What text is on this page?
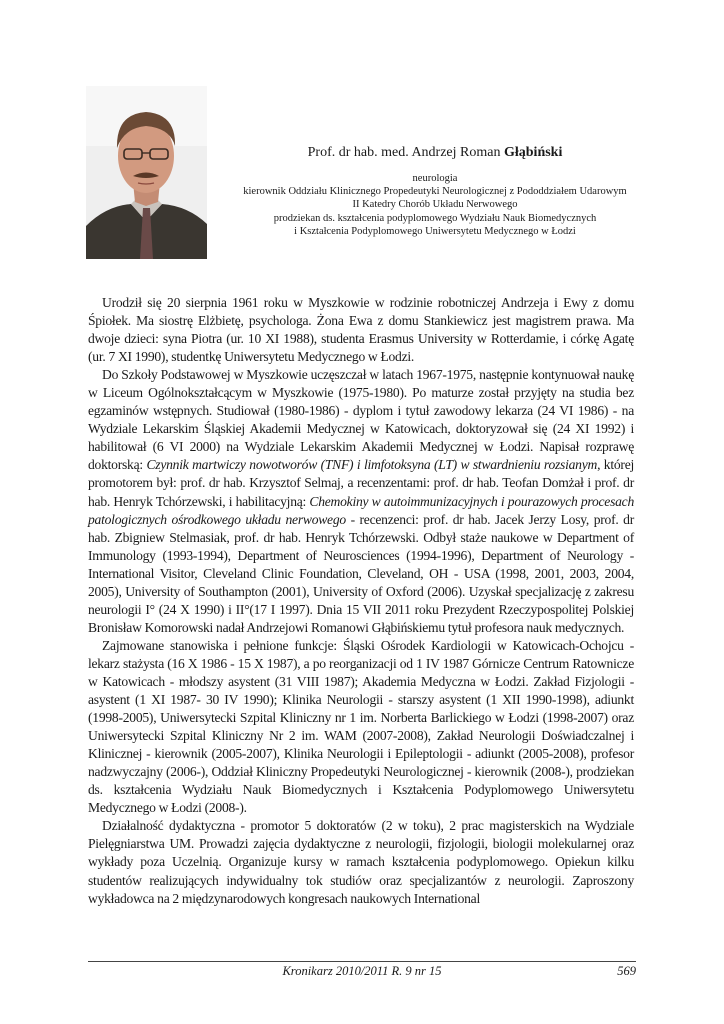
Prof. dr hab. med. Andrzej Roman Głąbiński
neurologia
kierownik Oddziału Klinicznego Propedeutyki Neurologicznej z Pododdziałem Udarowym
II Katedry Chorób Układu Nerwowego
prodziekan ds. kształcenia podyplomowego Wydziału Nauk Biomedycznych
i Kształcenia Podyplomowego Uniwersytetu Medycznego w Łodzi

Urodził się 20 sierpnia 1961 roku w Myszkowie w rodzinie robotniczej Andrzeja i Ewy z domu Śpiołek. Ma siostrę Elżbietę, psychologa. Żona Ewa z domu Stankiewicz jest magistrem prawa. Ma dwoje dzieci: syna Piotra (ur. 10 XI 1988), studenta Erasmus University w Rotterdamie, i córkę Agatę (ur. 7 XI 1990), studentkę Uniwersytetu Medycznego w Łodzi.

Do Szkoły Podstawowej w Myszkowie uczęszczał w latach 1967-1975, następnie kontynuował naukę w Liceum Ogólnokształcącym w Myszkowie (1975-1980). Po maturze został przyjęty na studia bez egzaminów wstępnych. Studiował (1980-1986) - dyplom i tytuł zawodowy lekarza (24 VI 1986) - na Wydziale Lekarskim Śląskiej Akademii Medycznej w Katowicach, doktoryzował się (24 XI 1992) i habilitował (6 VI 2000) na Wydziale Lekarskim Akademii Medycznej w Łodzi. Napisał rozprawę doktorską: Czynnik martwiczy nowotworów (TNF) i limfotoksyna (LT) w stwardnieniu rozsianym, której promotorem był: prof. dr hab. Krzysztof Selmaj, a recenzentami: prof. dr hab. Teofan Domżał i prof. dr hab. Henryk Tchórzewski, i habilitacyjną: Chemokiny w autoimmunizacyjnych i pourazowych procesach patologicznych ośrodkowego układu nerwowego - recenzenci: prof. dr hab. Jacek Jerzy Losy, prof. dr hab. Zbigniew Stelmasiak, prof. dr hab. Henryk Tchórzewski. Odbył staże naukowe w Department of Immunology (1993-1994), Department of Neurosciences (1994-1996), Department of Neurology - International Visitor, Cleveland Clinic Foundation, Cleveland, OH - USA (1998, 2001, 2003, 2004, 2005), University of Southampton (2001), University of Oxford (2006). Uzyskał specjalizację z zakresu neurologii I° (24 X 1990) i II°(17 I 1997). Dnia 15 VII 2011 roku Prezydent Rzeczypospolitej Polskiej Bronisław Komorowski nadał Andrzejowi Romanowi Głąbińskiemu tytuł profesora nauk medycznych.

Zajmowane stanowiska i pełnione funkcje: Śląski Ośrodek Kardiologii w Katowicach-Ochojcu - lekarz stażysta (16 X 1986 - 15 X 1987), a po reorganizacji od 1 IV 1987 Górnicze Centrum Ratownicze w Katowicach - młodszy asystent (31 VIII 1987); Akademia Medyczna w Łodzi. Zakład Fizjologii - asystent (1 XI 1987- 30 IV 1990); Klinika Neurologii - starszy asystent (1 XII 1990-1998), adiunkt (1998-2005), Uniwersytecki Szpital Kliniczny nr 1 im. Norberta Barlickiego w Łodzi (1998-2007) oraz Uniwersytecki Szpital Kliniczny Nr 2 im. WAM (2007-2008), Zakład Neurologii Doświadczalnej i Klinicznej - kierownik (2005-2007), Klinika Neurologii i Epileptologii - adiunkt (2005-2008), profesor nadzwyczajny (2006-), Oddział Kliniczny Propedeutyki Neurologicznej - kierownik (2008-), prodziekan ds. kształcenia Wydziału Nauk Biomedycznych i Kształcenia Podyplomowego Uniwersytetu Medycznego w Łodzi (2008-).

Działalność dydaktyczna - promotor 5 doktoratów (2 w toku), 2 prac magisterskich na Wydziale Pielęgniarstwa UM. Prowadzi zajęcia dydaktyczne z neurologii, fizjologii, biologii molekularnej oraz wykłady poza Uczelnią. Organizuje kursy w ramach kształcenia podyplomowego. Opiekun kilku studentów realizujących indywidualny tok studiów oraz specjalizantów z neurologii. Zaproszony wykładowca na 2 międzynarodowych kongresach naukowych International

Kronikarz 2010/2011 R. 9 nr 15	569
